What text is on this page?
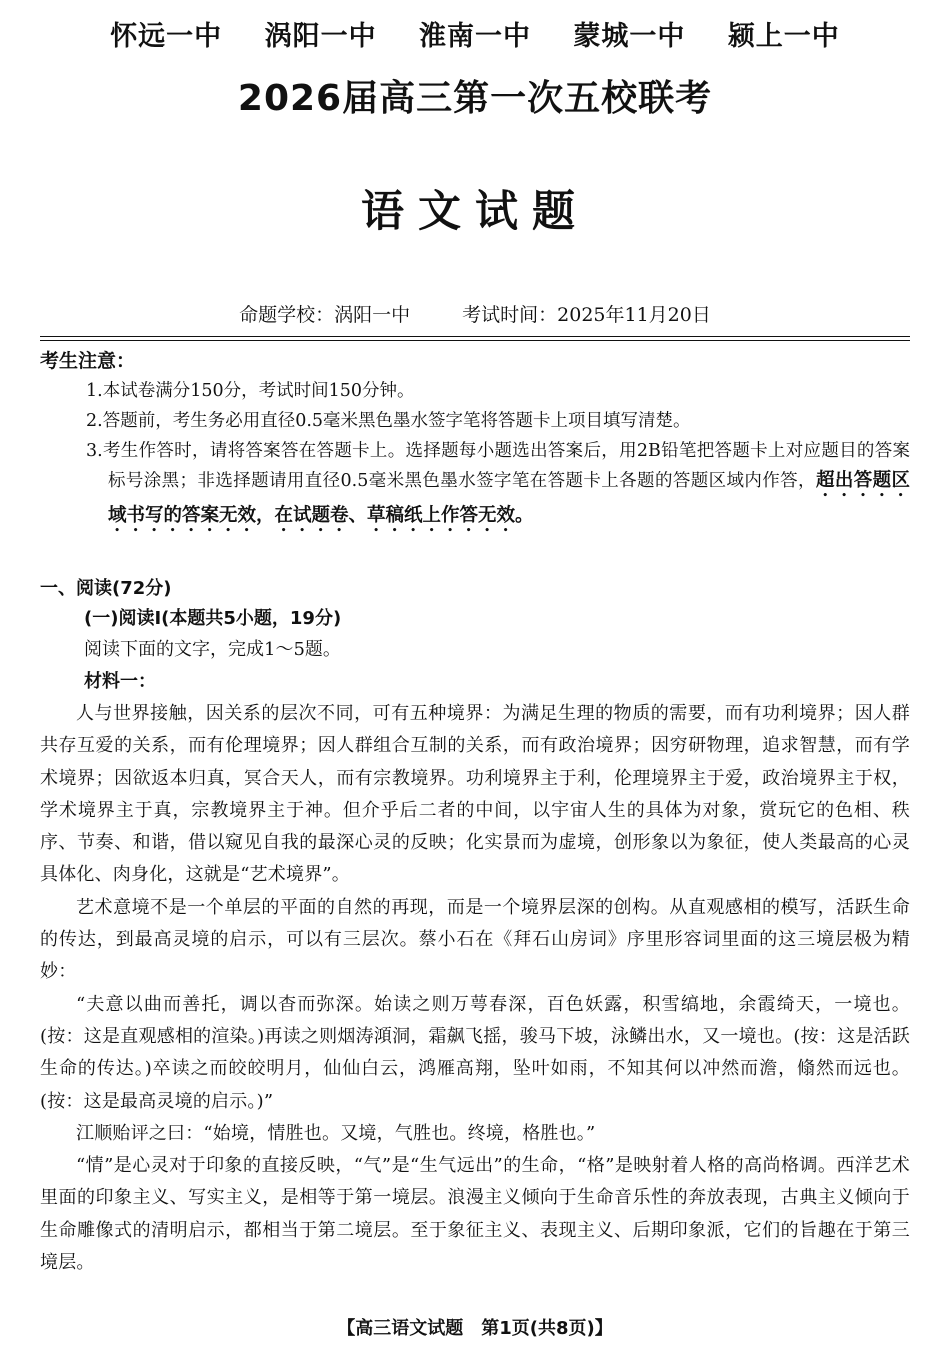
怀远一中 涡阳一中 淮南一中 蒙城一中 颍上一中
2026届高三第一次五校联考
语文试题
命题学校：涡阳一中	考试时间：2025年11月20日
考生注意：
1.本试卷满分150分，考试时间150分钟。
2.答题前，考生务必用直径0.5毫米黑色墨水签字笔将答题卡上项目填写清楚。
3.考生作答时，请将答案答在答题卡上。选择题每小题选出答案后，用2B铅笔把答题卡上对应题目的答案标号涂黑；非选择题请用直径0.5毫米黑色墨水签字笔在答题卡上各题的答题区域内作答，超出答题区域书写的答案无效，在试题卷、草稿纸上作答无效。
一、阅读(72分)
(一)阅读Ⅰ(本题共5小题，19分)
阅读下面的文字，完成1～5题。
材料一：

人与世界接触，因关系的层次不同，可有五种境界：为满足生理的物质的需要，而有功利境界；因人群共存互爱的关系，而有伦理境界；因人群组合互制的关系，而有政治境界；因穷研物理，追求智慧，而有学术境界；因欲返本归真，冥合天人，而有宗教境界。功利境界主于利，伦理境界主于爱，政治境界主于权，学术境界主于真，宗教境界主于神。但介乎后二者的中间，以宇宙人生的具体为对象，赏玩它的色相、秩序、节奏、和谐，借以窥见自我的最深心灵的反映；化实景而为虚境，创形象以为象征，使人类最高的心灵具体化、肉身化，这就是“艺术境界”。

艺术意境不是一个单层的平面的自然的再现，而是一个境界层深的创构。从直观感相的模写，活跃生命的传达，到最高灵境的启示，可以有三层次。蔡小石在《拜石山房词》序里形容词里面的这三境层极为精妙：

“夫意以曲而善托，调以杳而弥深。始读之则万萼春深，百色妖露，积雪缟地，余霞绮天，一境也。(按：这是直观感相的渲染。)再读之则烟涛澒洞，霜飙飞摇，骏马下坡，泳鳞出水，又一境也。(按：这是活跃生命的传达。)卒读之而皎皎明月，仙仙白云，鸿雁高翔，坠叶如雨，不知其何以冲然而澹，翛然而远也。(按：这是最高灵境的启示。)”

江顺贻评之曰：“始境，情胜也。又境，气胜也。终境，格胜也。”

“情”是心灵对于印象的直接反映，“气”是“生气远出”的生命，“格”是映射着人格的高尚格调。西洋艺术里面的印象主义、写实主义，是相等于第一境层。浪漫主义倾向于生命音乐性的奔放表现，古典主义倾向于生命雕像式的清明启示，都相当于第二境层。至于象征主义、表现主义、后期印象派，它们的旨趣在于第三境层。

【高三语文试题　第1页(共8页)】
